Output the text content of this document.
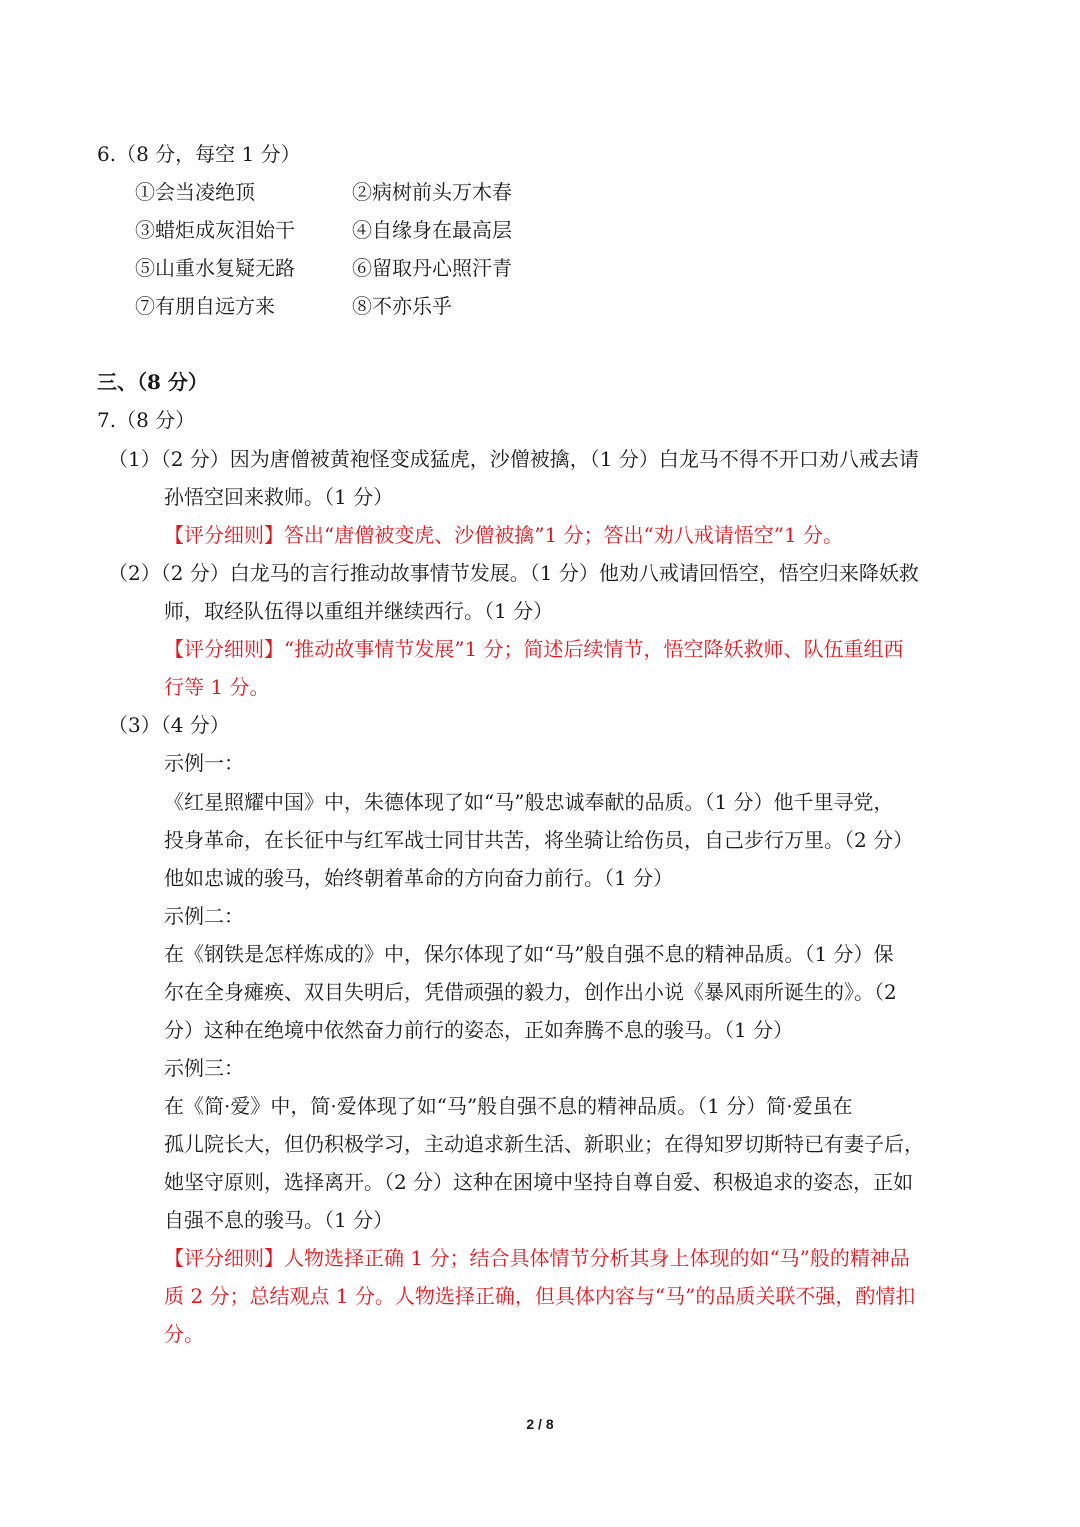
6.（8 分，每空 1 分）
①会当凌绝顶	②病树前头万木春
③蜡炬成灰泪始干	④自缘身在最高层
⑤山重水复疑无路	⑥留取丹心照汗青
⑦有朋自远方来	⑧不亦乐乎
三、（8 分）
7.（8 分）
（1）（2 分）因为唐僧被黄袍怪变成猛虎，沙僧被擒，（1 分）白龙马不得不开口劝八戒去请
孙悟空回来救师。（1 分）
【评分细则】答出“唐僧被变虎、沙僧被擒”1 分；答出“劝八戒请悟空”1 分。
（2）（2 分）白龙马的言行推动故事情节发展。（1 分）他劝八戒请回悟空，悟空归来降妖救
师，取经队伍得以重组并继续西行。（1 分）
【评分细则】“推动故事情节发展”1 分；简述后续情节，悟空降妖救师、队伍重组西
行等 1 分。
（3）（4 分）
示例一：
《红星照耀中国》中，朱德体现了如“马”般忠诚奉献的品质。（1 分）他千里寻党，
投身革命，在长征中与红军战士同甘共苦，将坐骑让给伤员，自己步行万里。（2 分）
他如忠诚的骏马，始终朝着革命的方向奋力前行。（1 分）
示例二：
在《钢铁是怎样炼成的》中，保尔体现了如“马”般自强不息的精神品质。（1 分）保
尔在全身瘫痪、双目失明后，凭借顽强的毅力，创作出小说《暴风雨所诞生的》。（2
分）这种在绝境中依然奋力前行的姿态，正如奔腾不息的骏马。（1 分）
示例三：
在《简·爱》中，简·爱体现了如“马”般自强不息的精神品质。（1 分）简·爱虽在
孤儿院长大，但仍积极学习，主动追求新生活、新职业；在得知罗切斯特已有妻子后，
她坚守原则，选择离开。（2 分）这种在困境中坚持自尊自爱、积极追求的姿态，正如
自强不息的骏马。（1 分）
【评分细则】人物选择正确 1 分；结合具体情节分析其身上体现的如“马”般的精神品
质 2 分；总结观点 1 分。人物选择正确，但具体内容与“马”的品质关联不强，酌情扣
分。
2 / 8
